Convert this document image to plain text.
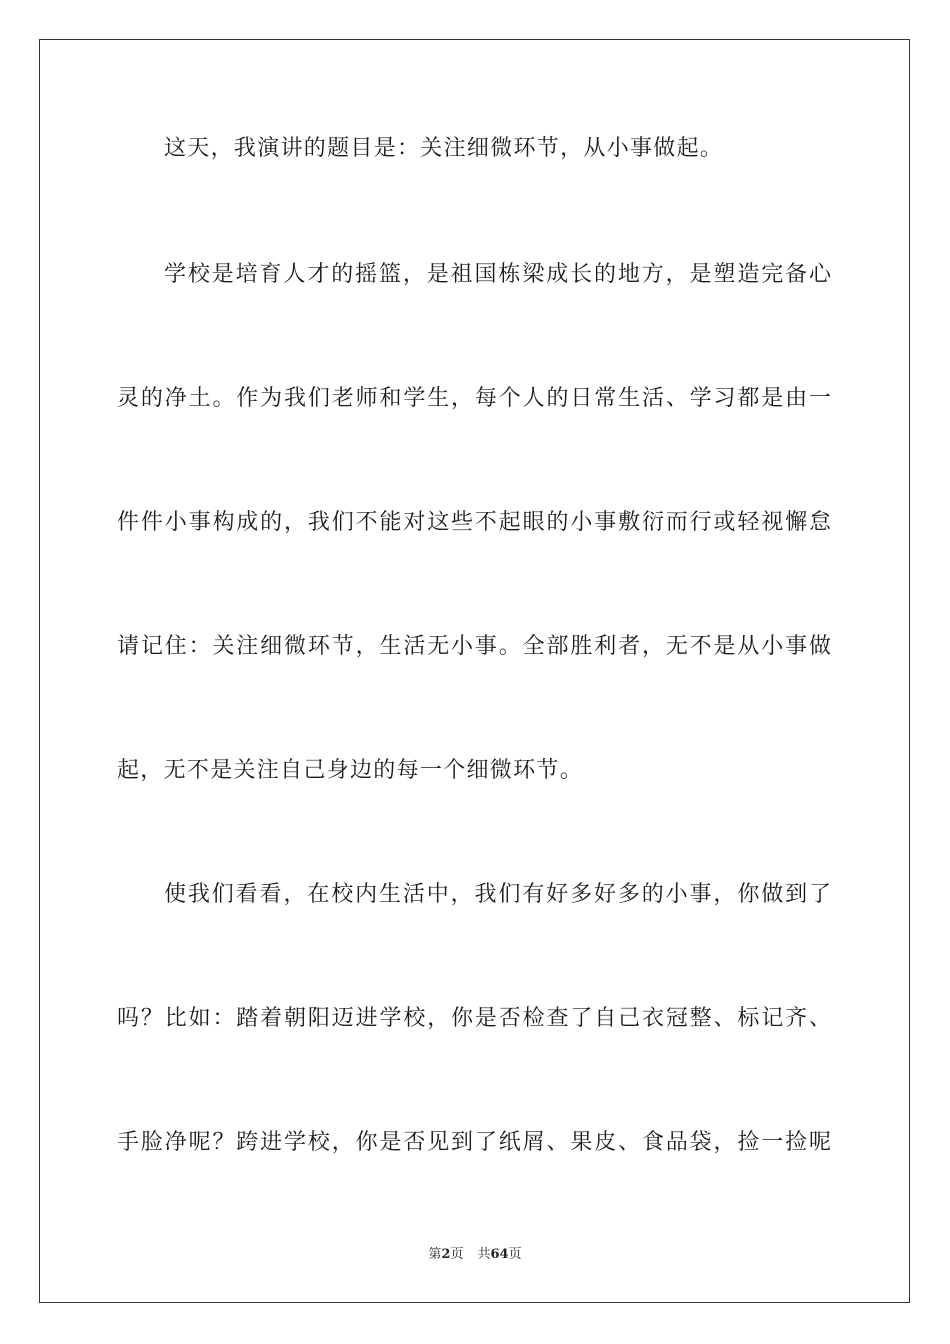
这天，我演讲的题目是：关注细微环节，从小事做起。
学校是培育人才的摇篮，是祖国栋梁成长的地方，是塑造完备心
灵的净土。作为我们老师和学生，每个人的日常生活、学习都是由一
件件小事构成的，我们不能对这些不起眼的小事敷衍而行或轻视懈怠
请记住：关注细微环节，生活无小事。全部胜利者，无不是从小事做
起，无不是关注自己身边的每一个细微环节。
使我们看看，在校内生活中，我们有好多好多的小事，你做到了
吗？比如：踏着朝阳迈进学校，你是否检查了自己衣冠整、标记齐、
手脸净呢？跨进学校，你是否见到了纸屑、果皮、食品袋，捡一捡呢
第2页 共64页
